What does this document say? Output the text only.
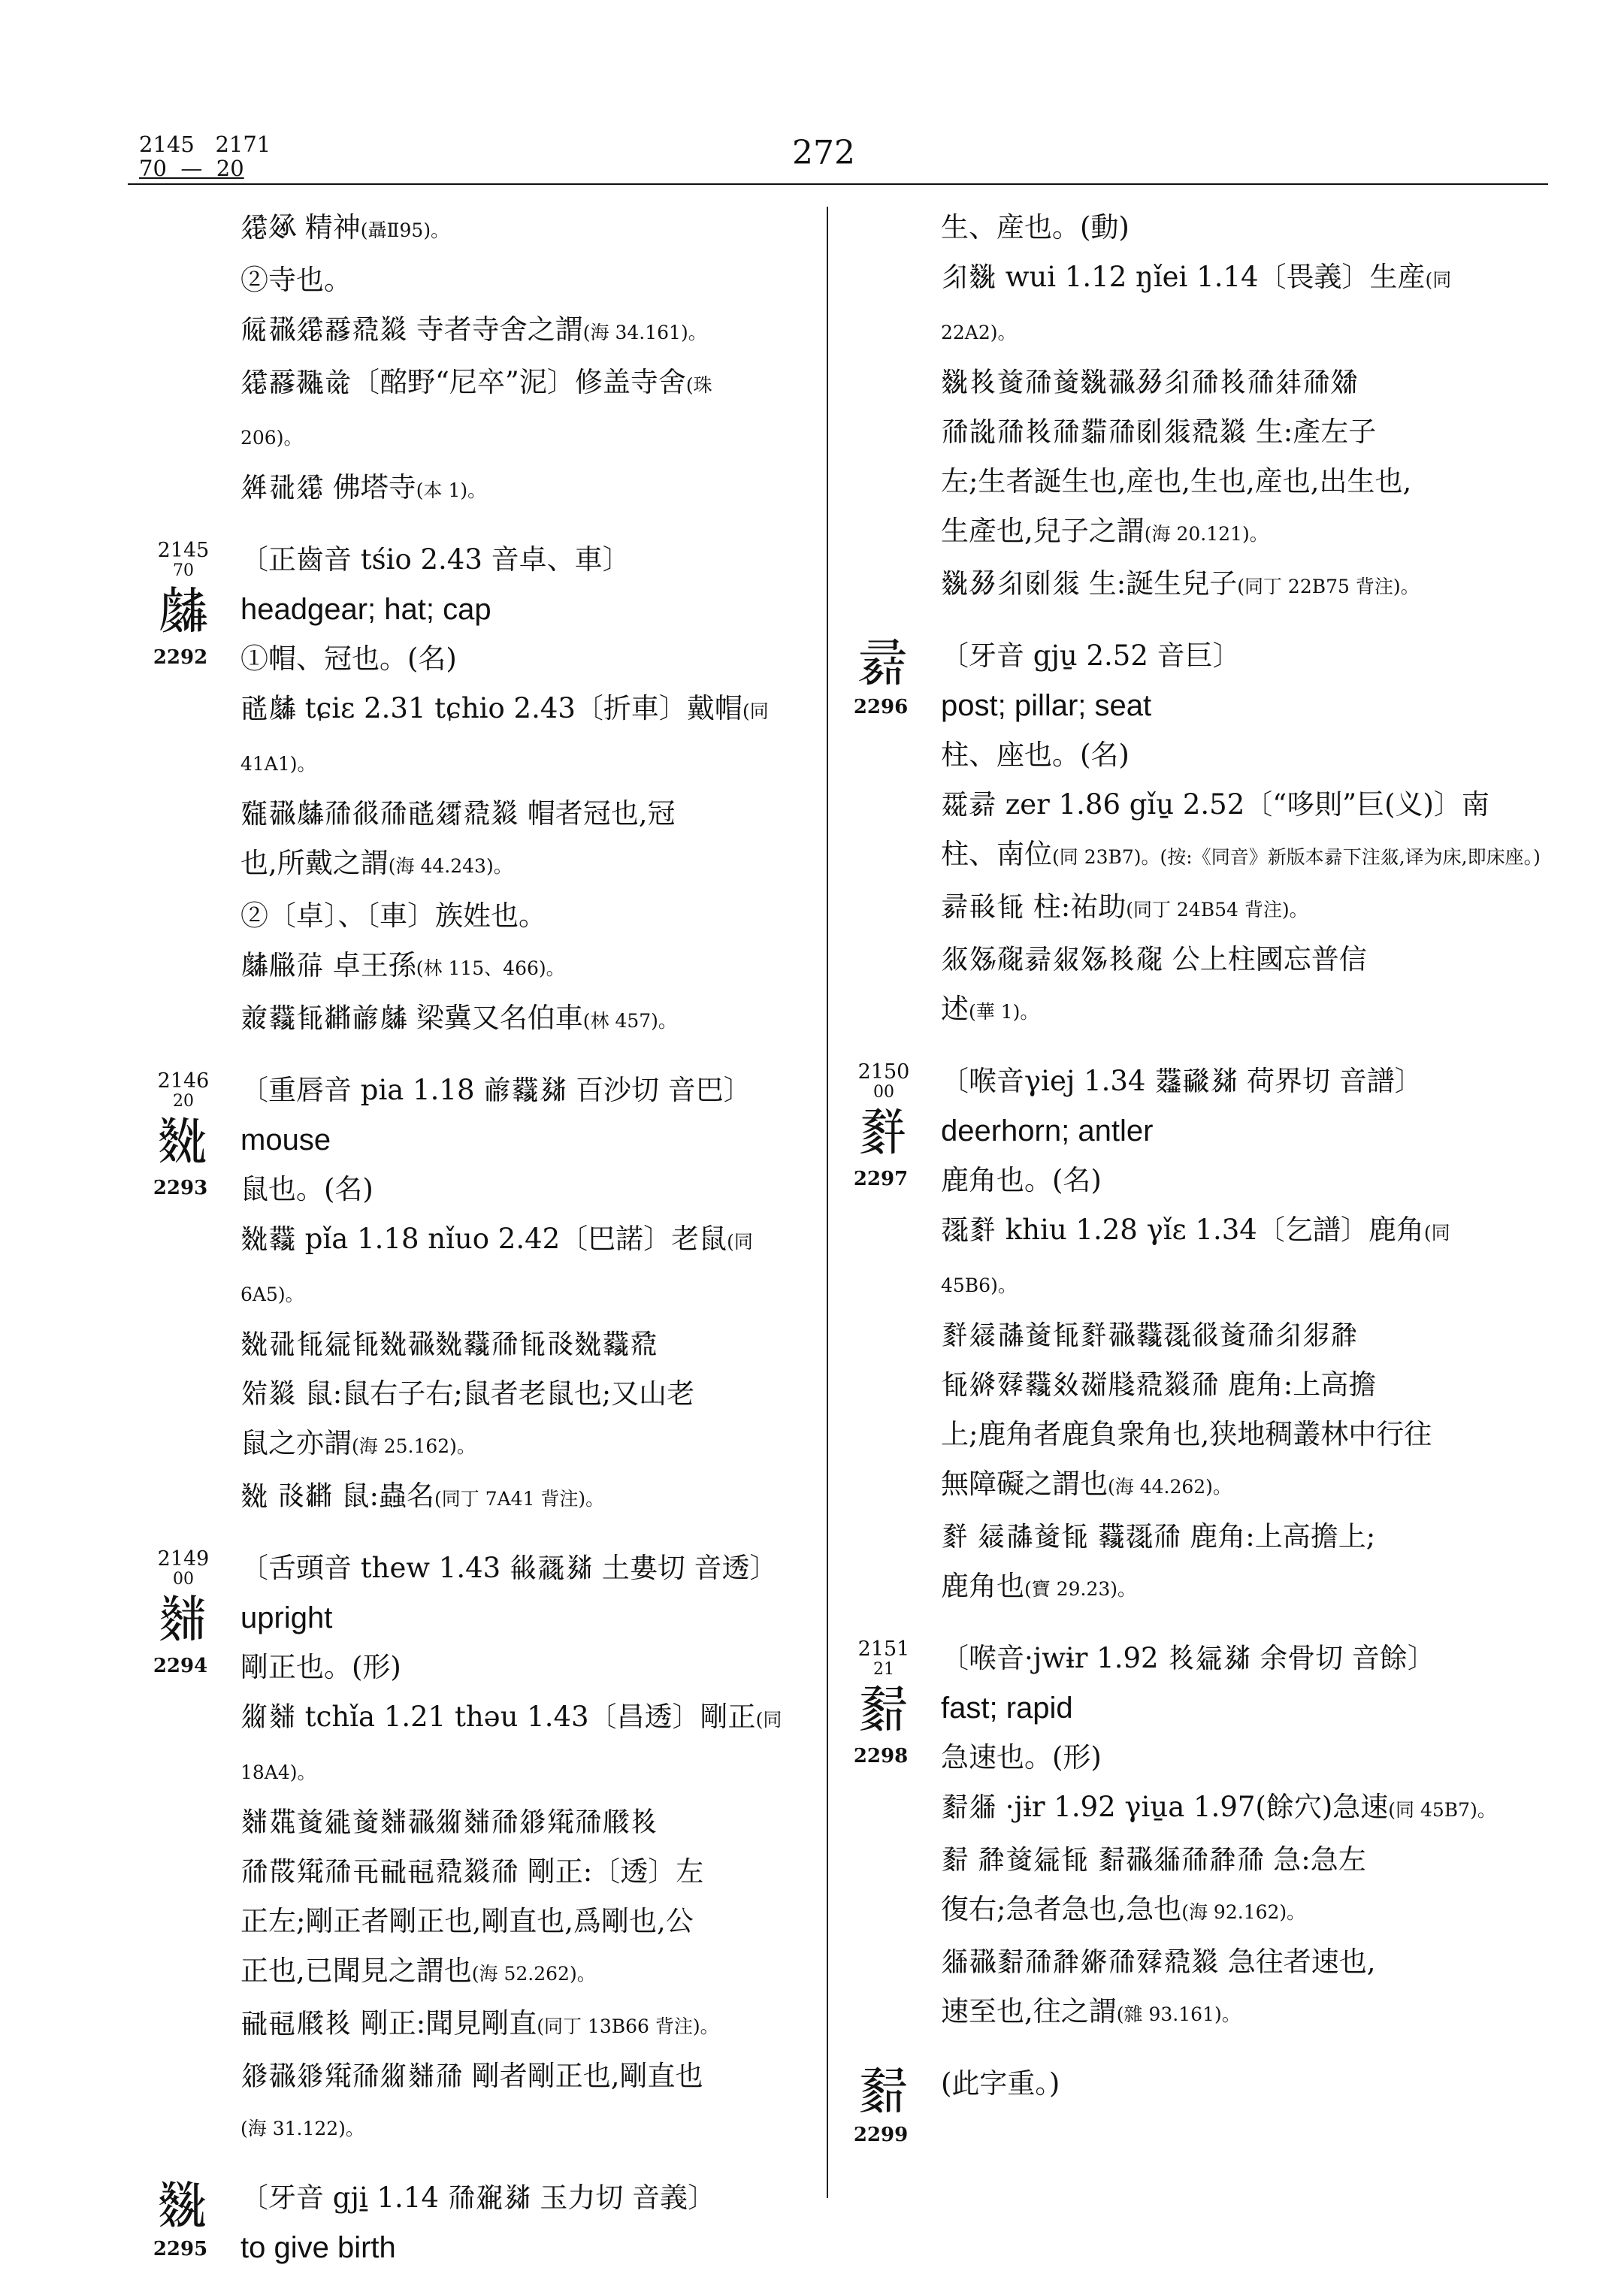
2145   2171
70  —  20	272
𗨥𗫻 精神(聶Ⅱ95)。
②寺也。
𗏁𗖻𗨥𗵒𘟣𘐔 寺者寺舍之謂(海 34.161)。
𗨥𗵒𗖵𗯨〔酩野“尼卒”泥〕修盖寺舍(珠
206)。
𗤶𗖚𗨥 佛塔寺(本 1)。
2145
70
𘝗
2292
〔正齒音 tśio 2.43 音卓、車〕
headgear; hat; cap
①帽、冠也。(名)
𗷢𘝗 tɕiɛ 2.31 tɕhio 2.43〔折車〕戴帽(同
41A1)。
𗸱𗖻𘝗𗗙𗺓𗗙𗷢𗨻𘟣𘐔 帽者冠也,冠
也,所戴之謂(海 44.243)。
②〔卓〕、〔車〕族姓也。
𘝗𗆐𗗚 卓王孫(林 115、466)。
𗓱𗷖𗺉𘂤𗑗𘝗 梁冀又名伯車(林 457)。
2146
20
𘝲
2293
〔重唇音 pia 1.18 𗑗𗷖𗯱 百沙切 音巴〕
mouse
鼠也。(名)
𘝲𗷖 pǐa 1.18 nǐuo 2.42〔巴諾〕老鼠(同
6A5)。
𘝲𗖚𗺉𗦇𗺉𘝲𗖻𘝲𗷖𗗙𗺉𗰗𘝲𗷖𘟣
𗼻𘐔 鼠:鼠右子右;鼠者老鼠也;又山老
鼠之亦謂(海 25.162)。
𘝲 𗰗𘂤 鼠:蟲名(同丁 7A41 背注)。
2149
00
𘝳
2294
〔舌頭音 thew 1.43 𗺡𗹙𗯱 土婁切 音透〕
upright
剛正也。(形)
𗼕𘝳 tchǐa 1.21 thəu 1.43〔昌透〕剛正(同
18A4)。
𘝳𗶷𗒹𗧓𗒹𘝳𗖻𗼕𘝳𗗙𗤁𗋕𗗙𗆨𗗥
𗗙𗶳𗋕𗗙𗸕𗸛𗸠𘟣𘐔𗗙 剛正:〔透〕左
正左;剛正者剛正也,剛直也,爲剛也,公
正也,已聞見之謂也(海 52.262)。
𗸛𗸠𗆨𗗥 剛正:聞見剛直(同丁 13B66 背注)。
𗤁𗖻𗤁𗋕𗗙𗼕𘝳𗗙 剛者剛正也,剛直也
(海 31.122)。
𘝴
2295
〔牙音 gji̱ 1.14 𗗙𗘂𗯱 玉力切 音義〕
to give birth
生、産也。(動)
𗼃𘝴 wui 1.12 ŋǐei 1.14〔畏義〕生産(同
22A2)。
𘝴𗗥𗒹𗗙𗒹𘝴𗖻𗉋𗼃𗗙𗗥𗗙𗢳𗗙𗽀
𗗙𘀍𗗙𗗥𗗙𗷆𗗙𗸡𗼐𘟣𘐔 生:產左子
左;生者誕生也,産也,生也,産也,出生也,
生產也,兒子之謂(海 20.121)。
𘝴𗉋𗼃𗸡𗼐 生:誕生兒子(同丁 22B75 背注)。
𘝵
2296
〔牙音 gju̱ 2.52 音巨〕
post; pillar; seat
柱、座也。(名)
𗴺𘝵 zer 1.86 gǐu̱ 2.52〔“哆則”巨(义)〕南
柱、南位(同 23B7)。(按:《同音》新版本𘝵下注𗼇,译为床,即床座。)
𘝵𗷰𗺉 柱:祐助(同丁 24B54 背注)。
𗼇𗼴𗗠𘝵𗤒𗼴𗗥𗗠 公上柱國忘普信
述(華 1)。
2150
00
𘞀
2297
〔喉音γiej 1.34 𗷗𗸐𗯱 荷界切 音譜〕
deerhorn; antler
鹿角也。(名)
𗖰𘞀 khiu 1.28 γǐɛ 1.34〔乞譜〕鹿角(同
45B6)。
𘞀𗧦𗰜𗒹𗺉𘞀𗖻𗷖𗖰𗺓𗒹𗗙𗼃𗼅𗴂
𗺉𗦂𗸯𗷖𗾈𗖸𗹦𘟣𘐔𗗙 鹿角:上高擔
上;鹿角者鹿負衆角也,狭地稠叢林中行往
無障礙之謂也(海 44.262)。
𘞀 𗧦𗰜𗒹𗺉 𗷖𗖰𗗙 鹿角:上高擔上;
鹿角也(寶 29.23)。
2151
21
𘞁
2298
〔喉音·jwɨr 1.92 𗗥𗦇𗯱 余骨切 音餘〕
fast; rapid
急速也。(形)
𘞁𗼓 ·jɨr 1.92 γiu̱a 1.97(餘穴)急速(同 45B7)。
𘞁 𗴂𗒹𗦇𗺉 𘞁𗖻𗼓𗗙𗴂𗗙 急:急左
復右;急者急也,急也(海 92.162)。
𗼓𗖻𘞁𗗙𗴂𗦀𗗙𗸯𘟣𘐔 急往者速也,
速至也,往之謂(雜 93.161)。
𘞁
2299
(此字重。)
